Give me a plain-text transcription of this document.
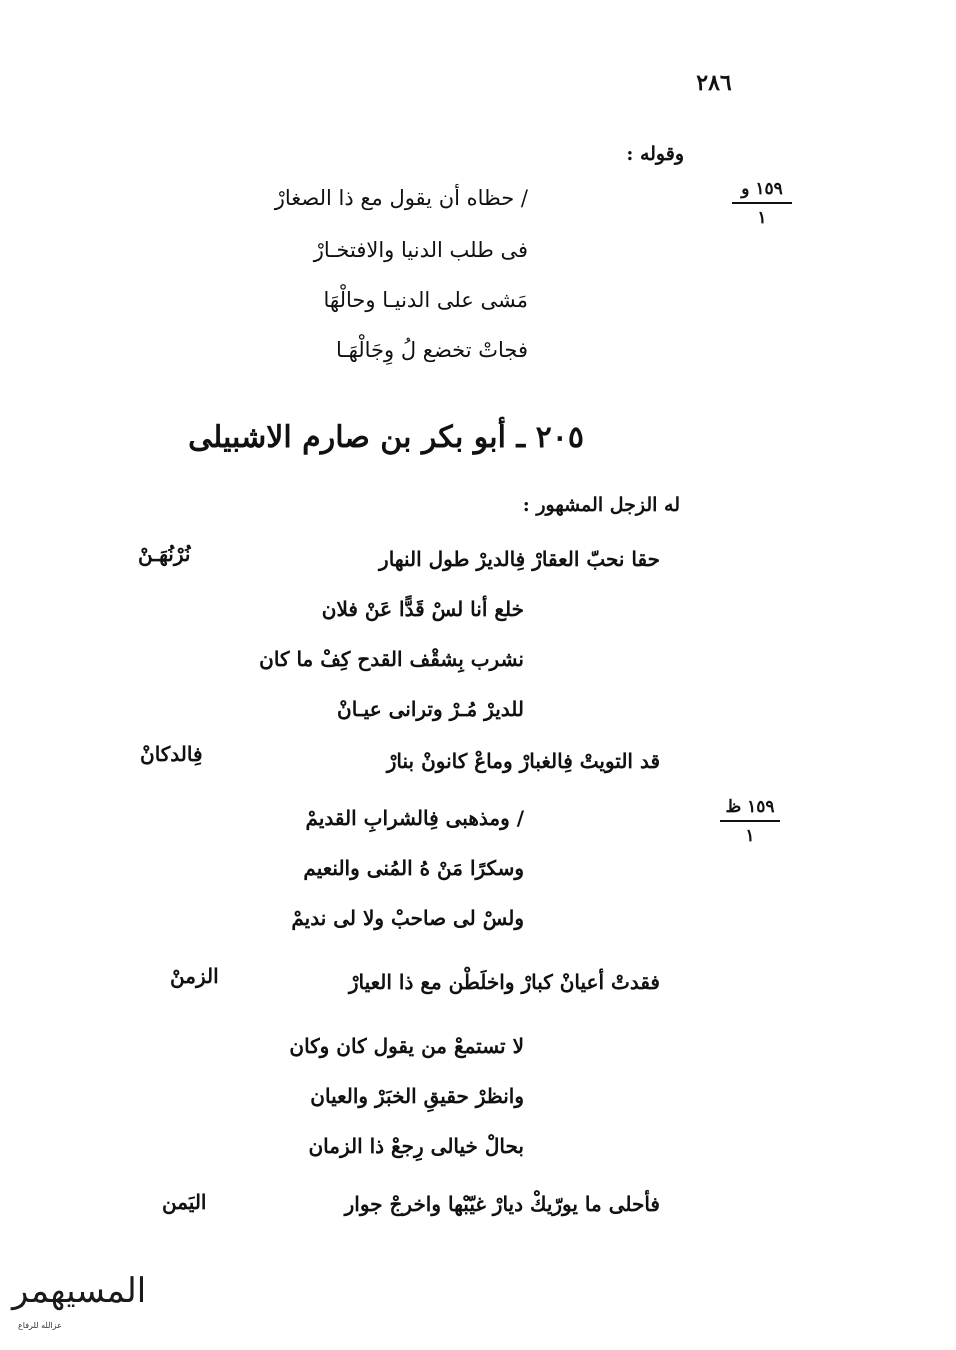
٢٨٦
وقوله :
١٥٩ و
١
/ حظاه أن يقول مع ذا الصغارْ
فى طلب الدنيا والافتخـارْ
مَشى على الدنيـا وحالْهَا
فجاتْ تخضع لُ وِجَالْهَـا
٢٠٥ ـ أبو بكر بن صارم الاشبيلى
له الزجل المشهور :
حقا نحبّ العقارْ فِالديرْ طول النهار
نُرْنُهَـنْ
خلع أنا لسْ قَدًّا عَنْ فلان
نشرب بِشقْف القدح كِفْ ما كان
للديرْ مُـرْ وترانى عيـانْ
قد التويتْ فِالغبارْ وماعْ كانونْ بنارْ
فِالدكانْ
١٥٩ ظ
١
/ ومذهبى فِالشرابِ القديمْ
وسكرًا مَنْ هُ المُنى والنعيم
ولسْ لى صاحبْ ولا لى نديمْ
فقدتْ أعيانْ كبارْ واخلَطْن مع ذا العيارْ
الزمنْ
لا تستمعْ من يقول كان وكان
وانظرْ حقيقِ الخبَرْ والعيان
بحالْ خيالى رِجعْ ذا الزمان
فأحلى ما يورّيكْ ديارْ غيّبْها واخرجْ جوار
اليَمن
المسيهمر
عزالله للرفاع
